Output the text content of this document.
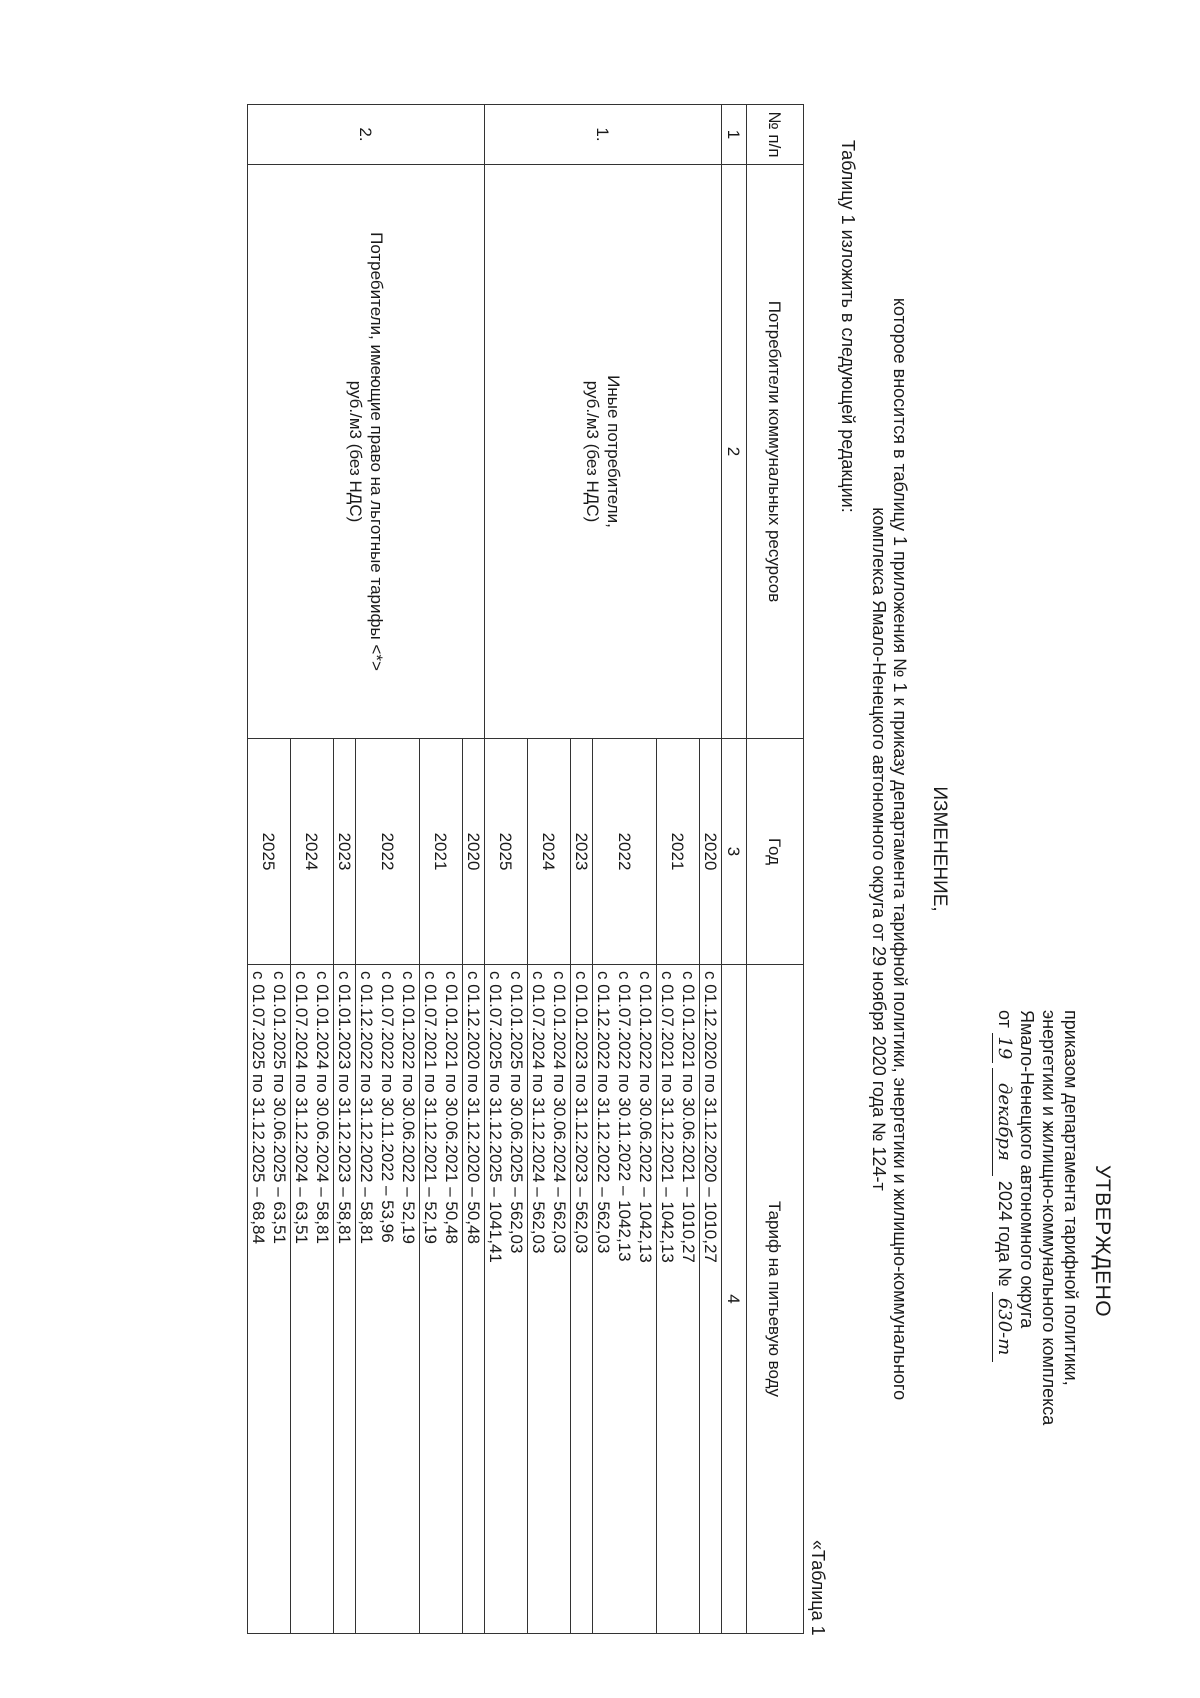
УТВЕРЖДЕНО
приказом департамента тарифной политики,
энергетики и жилищно-коммунального комплекса
Ямало-Ненецкого автономного округа
от 19 декабря 2024 года № 630-т
ИЗМЕНЕНИЕ,
которое вносится в таблицу 1 приложения № 1 к приказу департамента тарифной политики, энергетики и жилищно-коммунального
комплекса Ямало-Ненецкого автономного округа от 29 ноября 2020 года № 124-т
Таблицу 1 изложить в следующей редакции:
«Таблица 1
№ п/п	Потребители коммунальных ресурсов	Год	Тариф на питьевую воду
1	2	3	4
1.	Иные потребители,
руб./м3 (без НДС)	2020	с 01.12.2020 по 31.12.2020 – 1010,27

		2021	с 01.01.2021 по 30.06.2021 – 1010,27
с 01.07.2021 по 31.12.2021 – 1042,13

		2022	с 01.01.2022 по 30.06.2022 – 1042,13
с 01.07.2022 по 30.11.2022 – 1042,13
с 01.12.2022 по 31.12.2022 – 562,03

		2023	с 01.01.2023 по 31.12.2023 – 562,03

		2024	с 01.01.2024 по 30.06.2024 – 562,03
с 01.07.2024 по 31.12.2024 – 562,03

		2025	с 01.01.2025 по 30.06.2025 – 562,03
с 01.07.2025 по 31.12.2025 – 1041,41

2.	Потребители, имеющие право на льготные тарифы <*>
руб./м3 (без НДС)	2020	с 01.12.2020 по 31.12.2020 – 50,48

		2021	с 01.01.2021 по 30.06.2021 – 50,48
с 01.07.2021 по 31.12.2021 – 52,19

		2022	с 01.01.2022 по 30.06.2022 – 52,19
с 01.07.2022 по 30.11.2022 – 53,96
с 01.12.2022 по 31.12.2022 – 58,81

		2023	с 01.01.2023 по 31.12.2023 – 58,81

		2024	с 01.01.2024 по 30.06.2024 – 58,81
с 01.07.2024 по 31.12.2024 – 63,51

		2025	с 01.01.2025 по 30.06.2025 – 63,51
с 01.07.2025 по 31.12.2025 – 68,84
